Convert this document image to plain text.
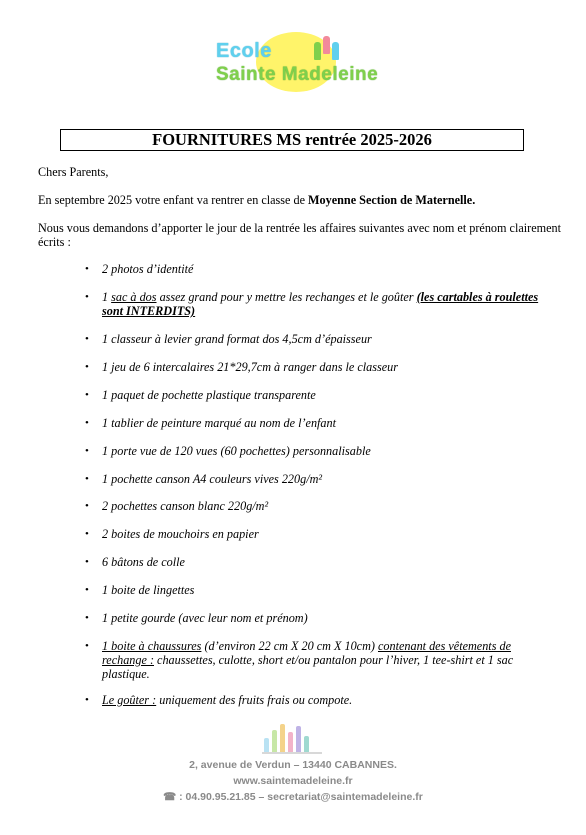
Ecole
Sainte Madeleine
FOURNITURES MS rentrée 2025-2026
Chers Parents,
En septembre 2025 votre enfant va rentrer en classe de Moyenne Section de Maternelle.
Nous vous demandons d’apporter le jour de la rentrée les affaires suivantes avec nom et prénom clairement
écrits :
• 2 photos d’identité
• 1 sac à dos assez grand pour y mettre les rechanges et le goûter (les cartables à roulettes
sont INTERDITS)
• 1 classeur à levier grand format dos 4,5cm d’épaisseur
• 1 jeu de 6 intercalaires 21*29,7cm à ranger dans le classeur
• 1 paquet de pochette plastique transparente
• 1 tablier de peinture marqué au nom de l’enfant
• 1 porte vue de 120 vues (60 pochettes) personnalisable
• 1 pochette canson A4 couleurs vives 220g/m²
• 2 pochettes canson blanc 220g/m²
• 2 boites de mouchoirs en papier
• 6 bâtons de colle
• 1 boite de lingettes
• 1 petite gourde (avec leur nom et prénom)
• 1 boite à chaussures (d’environ 22 cm X 20 cm X 10cm) contenant des vêtements de
rechange : chaussettes, culotte, short et/ou pantalon pour l’hiver, 1 tee-shirt et 1 sac
plastique.
• Le goûter : uniquement des fruits frais ou compote.
2, avenue de Verdun – 13440 CABANNES.
www.saintemadeleine.fr
☎ : 04.90.95.21.85 – secretariat@saintemadeleine.fr
